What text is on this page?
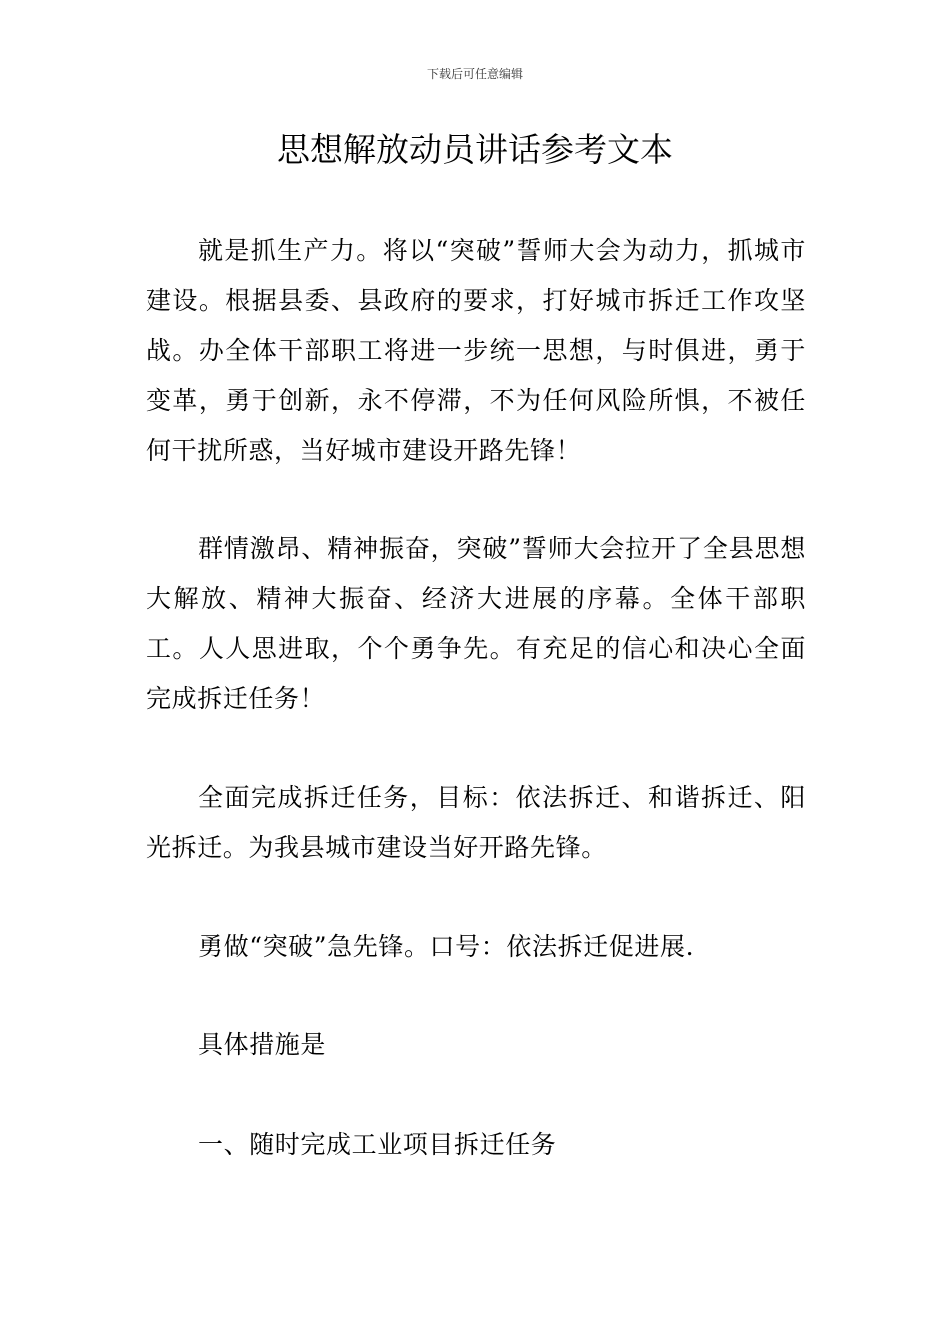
下载后可任意编辑
思想解放动员讲话参考文本

就是抓生产力。将以“突破”誓师大会为动力，抓城市建设。根据县委、县政府的要求，打好城市拆迁工作攻坚战。办全体干部职工将进一步统一思想，与时俱进，勇于变革，勇于创新，永不停滞，不为任何风险所惧，不被任何干扰所惑，当好城市建设开路先锋！

群情激昂、精神振奋，突破”誓师大会拉开了全县思想大解放、精神大振奋、经济大进展的序幕。全体干部职工。人人思进取，个个勇争先。有充足的信心和决心全面完成拆迁任务！

全面完成拆迁任务，目标：依法拆迁、和谐拆迁、阳光拆迁。为我县城市建设当好开路先锋。

勇做“突破”急先锋。口号：依法拆迁促进展.

具体措施是

一、随时完成工业项目拆迁任务
